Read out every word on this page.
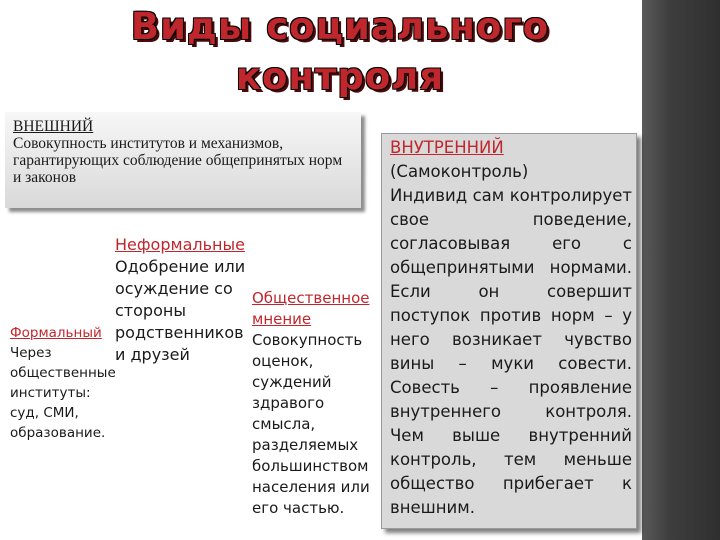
Виды социального
контроля
ВНЕШНИЙ
Совокупность институтов и механизмов, гарантирующих соблюдение общепринятых норм и законов
Неформальные
Одобрение или
осуждение со
стороны
родственников
и друзей
Формальный
Через
общественные
институты:
суд, СМИ,
образование.
Общественное
мнение
Совокупность
оценок,
суждений
здравого
смысла,
разделяемых
большинством
населения или
его частью.
ВНУТРЕННИЙ
(Самоконтроль)
Индивид сам контролирует свое поведение, согласовывая его с общепринятыми нормами. Если он совершит поступок против норм – у него возникает чувство вины – муки совести. Совесть – проявление внутреннего контроля. Чем выше внутренний контроль, тем меньше общество прибегает к внешним.
